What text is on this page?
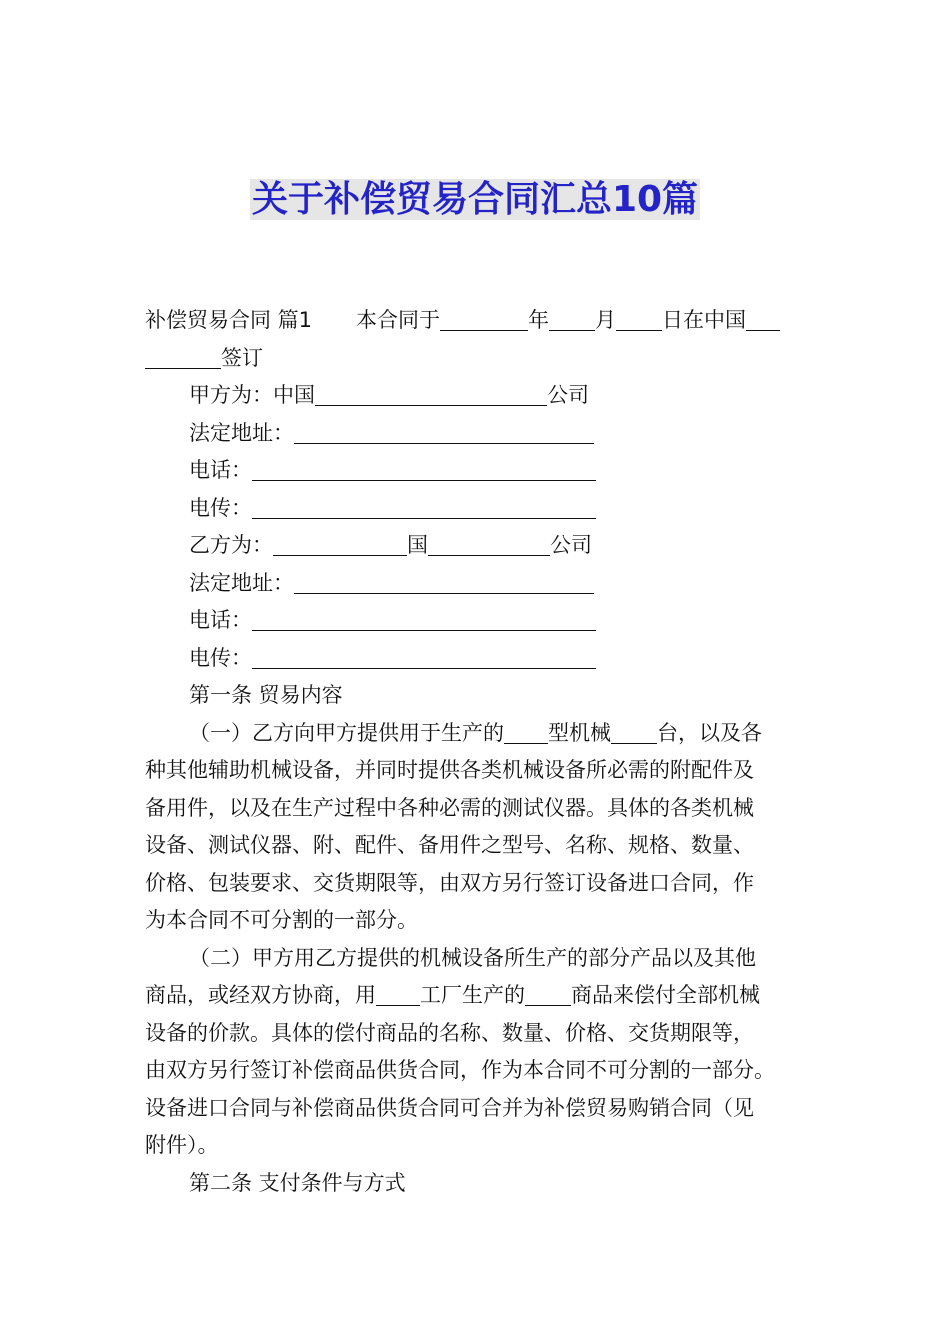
关于补偿贸易合同汇总10篇
补偿贸易合同 篇1 本合同于	年 月 日在中国
签订
甲方为：中国	公司
法定地址：
电话：
电传：
乙方为：	国	公司
法定地址：
电话：
电传：
第一条 贸易内容
（一）乙方向甲方提供用于生产的 型机械 台，以及各
种其他辅助机械设备，并同时提供各类机械设备所必需的附配件及
备用件，以及在生产过程中各种必需的测试仪器。具体的各类机械
设备、测试仪器、附、配件、备用件之型号、名称、规格、数量、
价格、包装要求、交货期限等，由双方另行签订设备进口合同，作
为本合同不可分割的一部分。
（二）甲方用乙方提供的机械设备所生产的部分产品以及其他
商品，或经双方协商，用 工厂生产的 商品来偿付全部机械
设备的价款。具体的偿付商品的名称、数量、价格、交货期限等，
由双方另行签订补偿商品供货合同，作为本合同不可分割的一部分。
设备进口合同与补偿商品供货合同可合并为补偿贸易购销合同（见
附件）。
第二条 支付条件与方式
